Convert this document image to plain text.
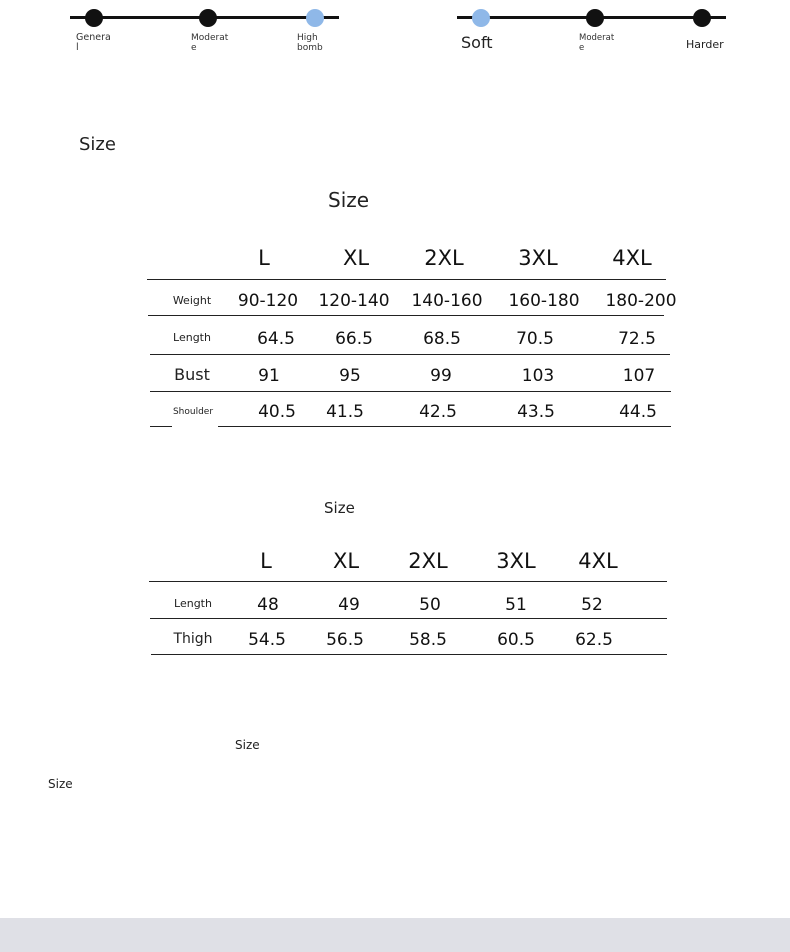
Genera
l
Moderat
e
High
bomb	Soft	Moderat
e	Harder
Size
Size
L	XL	2XL	3XL	4XL
Weight	90-120	120-140	140-160	160-180	180-200
Length	64.5	66.5	68.5	70.5	72.5
Bust	91	95	99	103	107
Shoulder	40.5	41.5	42.5	43.5	44.5
Size
L	XL	2XL	3XL	4XL
Length	48	49	50	51	52
Thigh	54.5	56.5	58.5	60.5	62.5
Size
Size
